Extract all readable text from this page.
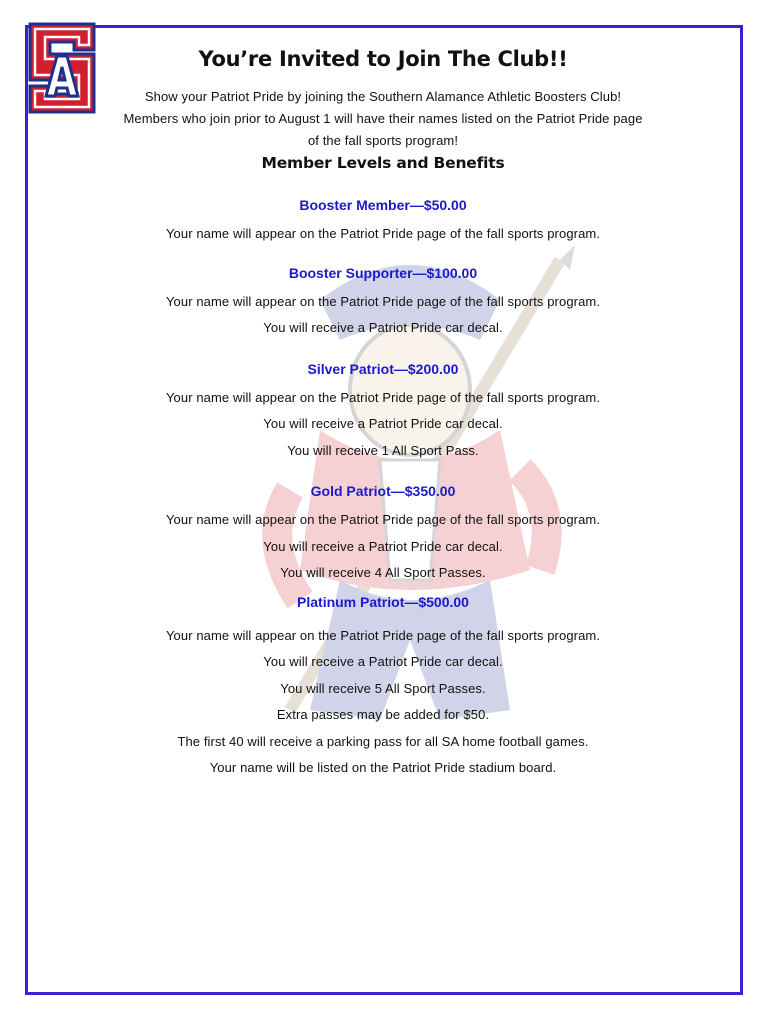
You’re Invited to Join The Club!!
Show your Patriot Pride by joining the Southern Alamance Athletic Boosters Club!
Members who join prior to August 1 will have their names listed on the Patriot Pride page
of the fall sports program!
Member Levels and Benefits
Booster Member—$50.00
Your name will appear on the Patriot Pride page of the fall sports program.
Booster Supporter—$100.00
Your name will appear on the Patriot Pride page of the fall sports program.
You will receive a Patriot Pride car decal.
Silver Patriot—$200.00
Your name will appear on the Patriot Pride page of the fall sports program.
You will receive a Patriot Pride car decal.
You will receive 1 All Sport Pass.
Gold Patriot—$350.00
Your name will appear on the Patriot Pride page of the fall sports program.
You will receive a Patriot Pride car decal.
You will receive 4 All Sport Passes.
Platinum Patriot—$500.00
Your name will appear on the Patriot Pride page of the fall sports program.
You will receive a Patriot Pride car decal.
You will receive 5 All Sport Passes.
Extra passes may be added for $50.
The first 40 will receive a parking pass for all SA home football games.
Your name will be listed on the Patriot Pride stadium board.
